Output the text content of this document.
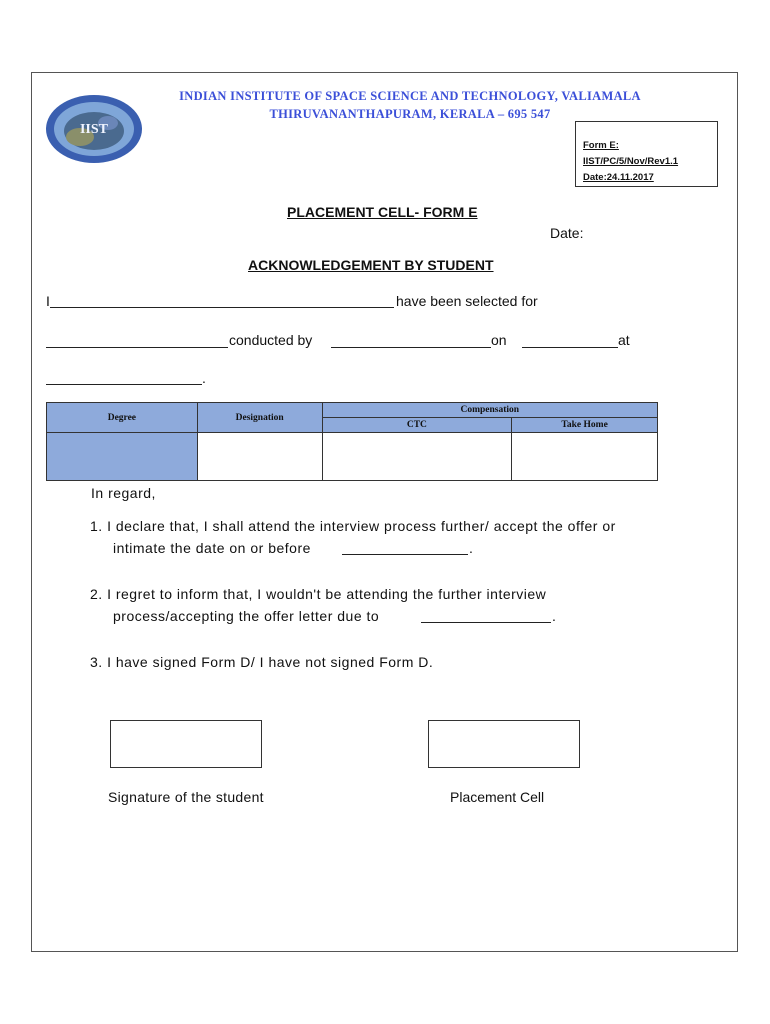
IIST
INDIAN INSTITUTE OF SPACE SCIENCE AND TECHNOLOGY, VALIAMALA
THIRUVANANTHAPURAM, KERALA – 695 547
Form E:
IIST/PC/5/Nov/Rev1.1
Date:24.11.2017
PLACEMENT CELL- FORM E
Date:
ACKNOWLEDGEMENT BY STUDENT
I	have been selected for
conducted by	on	at
.
Degree	Designation	Compensation	
		CTC	Take Home

In regard,
1. I declare that, I shall attend the interview process further/ accept the offer or
intimate the date on or before	.
2. I regret to inform that, I wouldn't be attending the further interview
process/accepting the offer letter due to	.
3. I have signed Form D/ I have not signed Form D.
Signature of the student	Placement Cell
